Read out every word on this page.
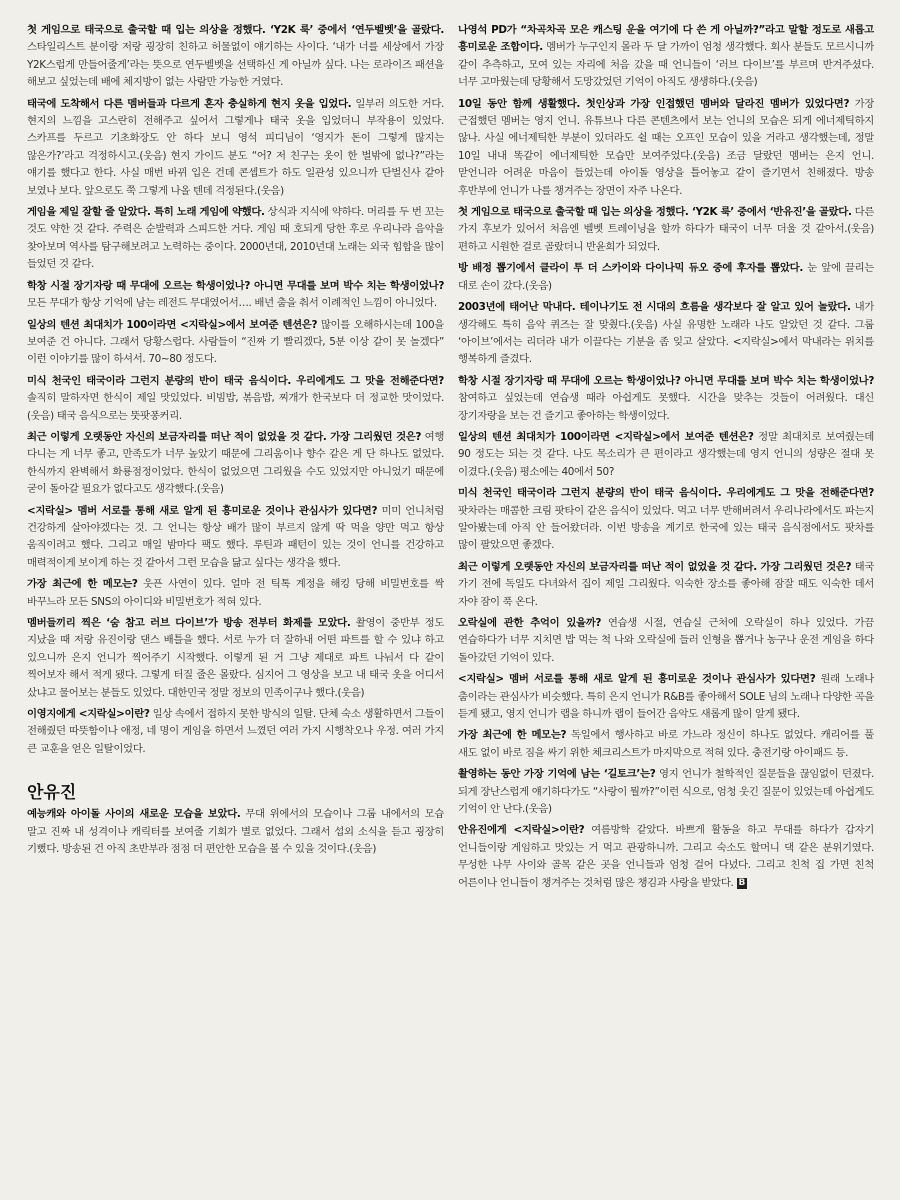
첫 게임으로 태국으로 출국할 때 입는 의상을 정했다. ‘Y2K 룩’ 중에서 ‘연두벨벳’을 골랐다. 스타일리스트 분이랑 저랑 굉장히 친하고 허물없이 얘기하는 사이다. ‘내가 너를 세상에서 가장 Y2K스럽게 만들어줄게’라는 뜻으로 연두벨벳을 선택하신 게 아닐까 싶다. 나는 로라이즈 패션을 해보고 싶었는데 배에 체지방이 없는 사람만 가능한 거였다.

태국에 도착해서 다른 멤버들과 다르게 혼자 충실하게 현지 옷을 입었다. 일부러 의도한 거다. 현지의 느낌을 고스란히 전해주고 싶어서 그렇게나 태국 옷을 입었더니 부작용이 있었다. 스카프를 두르고 기초화장도 안 하다 보니 영석 피디님이 ‘영지가 돈이 그렇게 많지는 않은가?’라고 걱정하시고.(웃음) 현지 가이드 분도 “어? 저 친구는 옷이 한 벌밖에 없나?”라는 얘기를 했다고 한다. 사실 매번 바뀌 입은 건데 콘셉트가 하도 일관성 있으니까 단벌신사 같아 보였나 보다. 앞으로도 쭉 그렇게 나올 텐데 걱정된다.(웃음)

게임을 제일 잘할 줄 알았다. 특히 노래 게임에 약했다. 상식과 지식에 약하다. 머리를 두 번 꼬는 것도 약한 것 같다. 주력은 순발력과 스피드한 거다. 게임 때 호되게 당한 후로 우리나라 음악을 찾아보며 역사를 탐구해보려고 노력하는 중이다. 2000년대, 2010년대 노래는 외국 힙합을 많이 들었던 것 같다.

학창 시절 장기자랑 때 무대에 오르는 학생이었나? 아니면 무대를 보며 박수 치는 학생이었나? 모든 무대가 항상 기억에 남는 레전드 무대였어서…. 배년 춤을 춰서 이례적인 느낌이 아니었다.

일상의 텐션 최대치가 100이라면 <지락실>에서 보여준 텐션은? 많이를 오해하시는데 100을 보여준 건 아니다. 그래서 당황스럽다. 사람들이 “진짜 기 빨리겠다, 5분 이상 같이 못 놀겠다” 이런 이야기를 많이 하셔서. 70~80 정도다.

미식 천국인 태국이라 그런지 분량의 반이 태국 음식이다. 우리에게도 그 맛을 전해준다면? 솔직히 말하자면 한식이 제일 맛있었다. 비빔밥, 볶음밥, 찌개가 한국보다 더 정교한 맛이었다.(웃음) 태국 음식으로는 뚯팟퐁커리.

최근 이렇게 오랫동안 자신의 보금자리를 떠난 적이 없었을 것 같다. 가장 그리웠던 것은? 여행 다니는 게 너무 좋고, 만족도가 너무 높았기 때문에 그리움이나 향수 같은 게 단 하나도 없었다. 한식까지 완벽해서 화룡점정이었다. 한식이 없었으면 그리웠을 수도 있었지만 아니었기 때문에 굳이 돌아갈 필요가 없다고도 생각했다.(웃음)

<지락실> 멤버 서로를 통해 새로 알게 된 흥미로운 것이나 관심사가 있다면? 미미 언니처럼 건강하게 살아야겠다는 것. 그 언니는 항상 배가 많이 부르지 않게 딱 먹을 양만 먹고 항상 움직이려고 했다. 그리고 매일 밤마다 팩도 했다. 루틴과 패턴이 있는 것이 언니를 건강하고 매력적이게 보이게 하는 것 같아서 그런 모습을 닮고 싶다는 생각을 했다.

가장 최근에 한 메모는? 웃픈 사연이 있다. 얼마 전 틱톡 계정을 해킹 당해 비밀번호를 싹 바꾸느라 모든 SNS의 아이디와 비밀번호가 적혀 있다.

멤버들끼리 찍은 ‘숨 참고 러브 다이브’가 방송 전부터 화제를 모았다. 촬영이 중반부 정도 지났을 때 저랑 유진이랑 댄스 배틀을 했다. 서로 누가 더 잘하내 어떤 파트를 할 수 있냐 하고 있으니까 은지 언니가 찍어주기 시작했다. 이렇게 된 거 그냥 제대로 파트 나눠서 다 같이 찍어보자 해서 적게 됐다. 그렇게 터질 줄은 몰랐다. 심지어 그 영상을 보고 내 태국 옷을 어디서 샀냐고 물어보는 분들도 있었다. 대한민국 정말 정보의 민족이구나 했다.(웃음)

이영지에게 <지락실>이란? 일상 속에서 접하지 못한 방식의 일탈. 단체 숙소 생활하면서 그들이 전해줬던 따뜻함이나 애정, 네 명이 게임을 하면서 느꼈던 여러 가지 시행착오나 우정. 여러 가지 큰 교훈을 얻은 일탈이었다.

안유진

예능캐와 아이돌 사이의 새로운 모습을 보았다. 무대 위에서의 모습이나 그룹 내에서의 모습 말고 진짜 내 성격이나 캐릭터를 보여줄 기회가 별로 없었다. 그래서 섭외 소식을 듣고 굉장히 기뻤다. 방송된 건 아직 초반부라 점점 더 편안한 모습을 볼 수 있을 것이다.(웃음)

나영석 PD가 “차곡차곡 모은 캐스팅 운을 여기에 다 쓴 게 아닐까?”라고 말할 정도로 새롭고 흥미로운 조합이다. 멤버가 누구인지 몰라 두 달 가까이 엄청 생각했다. 회사 분들도 모르시니까 같이 추측하고, 모여 있는 자리에 처음 갔을 때 언니들이 ‘러브 다이브’를 부르며 반겨주셨다. 너무 고마웠는데 당황해서 도망갔었던 기억이 아직도 생생하다.(웃음)

10일 동안 함께 생활했다. 첫인상과 가장 인접했던 멤버와 달라진 멤버가 있었다면? 가장 근접했던 멤버는 영지 언니. 유튜브나 다른 콘텐츠에서 보는 언니의 모습은 되게 에너제틱하지 않나. 사실 에너제틱한 부분이 있더라도 쉴 때는 오프인 모습이 있을 거라고 생각했는데, 정말 10일 내내 똑같이 에너제틱한 모습만 보여주었다.(웃음) 조금 달랐던 멤버는 은지 언니. 맏언니라 어려운 마음이 들었는데 아이돌 영상을 틀어놓고 같이 즐기면서 친해졌다. 방송 후반부에 언니가 나를 챙겨주는 장면이 자주 나온다.

첫 게임으로 태국으로 출국할 때 입는 의상을 정했다. ‘Y2K 룩’ 중에서 ‘반유진’을 골랐다. 다른 가지 후보가 있어서 처음엔 벨벳 트레이닝을 할까 하다가 태국이 너무 더울 것 같아서.(웃음) 편하고 시원한 걸로 골랐더니 반윤희가 되었다.

방 배정 뽑기에서 클라이 투 더 스카이와 다이나믹 듀오 중에 후자를 뽑았다. 눈 앞에 끌리는 대로 손이 갔다.(웃음)

2003년에 태어난 막내다. 테이나기도 전 시대의 흐름을 생각보다 잘 알고 있어 놀랐다. 내가 생각해도 특히 음악 퀴즈는 잘 맞췄다.(웃음) 사실 유명한 노래라 나도 알았던 것 같다. 그룹 ‘아이브’에서는 리더라 내가 이끌다는 기분을 좀 잊고 살았다. <지락실>에서 막내라는 위치를 행복하게 즐겼다.

학창 시절 장기자랑 때 무대에 오르는 학생이었나? 아니면 무대를 보며 박수 치는 학생이었나? 참여하고 싶었는데 연습생 때라 아쉽게도 못했다. 시간을 맞추는 것들이 어려웠다. 대신 장기자랑을 보는 건 즐기고 좋아하는 학생이었다.

일상의 텐션 최대치가 100이라면 <지락실>에서 보여준 텐션은? 정말 최대치로 보여줬는데 90 정도는 되는 것 같다. 나도 목소리가 큰 편이라고 생각했는데 영지 언니의 성량은 절대 못 이겼다.(웃음) 평소에는 40에서 50?

미식 천국인 태국이라 그런지 분량의 반이 태국 음식이다. 우리에게도 그 맛을 전해준다면? 팟차라는 매콤한 크림 팟타이 같은 음식이 있었다. 먹고 너무 반해버려서 우리나라에서도 파는지 알아봤는데 아직 안 들어왔더라. 이번 방송을 계기로 한국에 있는 태국 음식점에서도 팟차를 많이 팔았으면 좋겠다.

최근 이렇게 오랫동안 자신의 보금자리를 떠난 적이 없었을 것 같다. 가장 그리웠던 것은? 태국 가기 전에 독일도 다녀와서 집이 제일 그리웠다. 익숙한 장소를 좋아해 잠잘 때도 익숙한 데서 자야 잠이 푹 온다.

오락실에 관한 추억이 있을까? 연습생 시절, 연습실 근처에 오락실이 하나 있었다. 가끔 연습하다가 너무 지치면 밥 먹는 척 나와 오락실에 들러 인형을 뽑거나 농구나 운전 게임을 하다 돌아갔던 기억이 있다.

<지락실> 멤버 서로를 통해 새로 알게 된 흥미로운 것이나 관심사가 있다면? 원래 노래나 춤이라는 관심사가 비슷했다. 특히 은지 언니가 R&B를 좋아해서 SOLE 님의 노래나 다양한 곡을 듣게 됐고, 영지 언니가 랩을 하니까 랩이 들어간 음악도 새롭게 많이 알게 됐다.

가장 최근에 한 메모는? 독일에서 행사하고 바로 가느라 정신이 하나도 없었다. 캐리어를 풀 새도 없이 바로 짐을 싸기 위한 체크리스트가 마지막으로 적혀 있다. 충전기랑 아이패드 등.

촬영하는 동안 가장 기억에 남는 ‘길토크’는? 영지 언니가 철학적인 질문들을 끊임없이 던졌다. 되게 장난스럽게 얘기하다가도 “사랑이 뭘까?”이런 식으로, 엄청 웃긴 질문이 있었는데 아쉽게도 기억이 안 난다.(웃음)

안유진에게 <지락실>이란? 여름방학 같았다. 바쁘게 활동을 하고 무대를 하다가 갑자기 언니들이랑 게임하고 맛있는 거 먹고 관광하니까. 그리고 숙소도 할머니 댁 같은 분위기였다. 무성한 나무 사이와 골목 같은 곳을 언니들과 엄청 걸어 다녔다. 그리고 친척 집 가면 친척 어른이나 언니들이 챙겨주는 것처럼 많은 챙김과 사랑을 받았다. B
